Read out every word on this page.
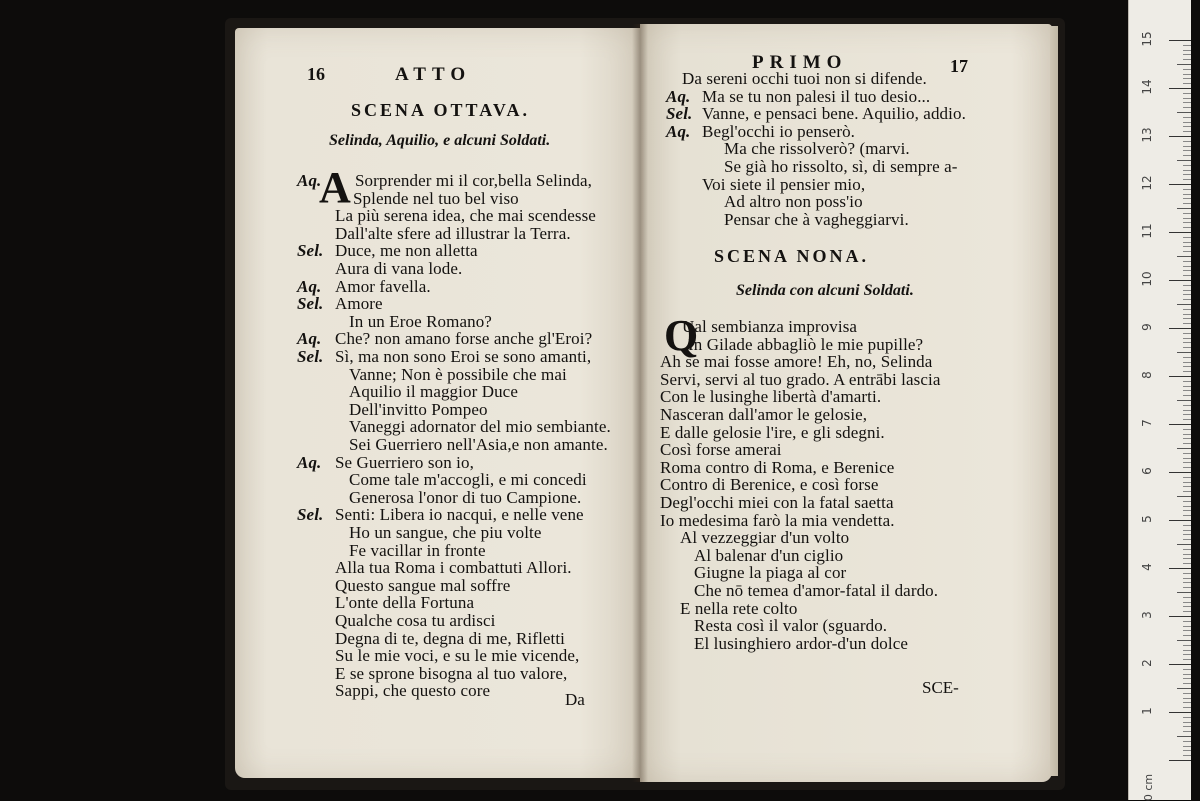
16	ATTO
SCENA OTTAVA.
Selinda, Aquilio, e alcuni Soldati.
A
Aq. Sorprender mi il cor,bella Selinda,
Splende nel tuo bel viso
La più serena idea, che mai scendesse
Dall'alte sfere ad illustrar la Terra.
Sel. Duce, me non alletta
Aura di vana lode.
Aq. Amor favella.
Sel. Amore
In un Eroe Romano?
Aq. Che? non amano forse anche gl'Eroi?
Sel. Sì, ma non sono Eroi se sono amanti,
Vanne; Non è possibile che mai
Aquilio il maggior Duce
Dell'invitto Pompeo
Vaneggi adornator del mio sembiante.
Sei Guerriero nell'Asia,e non amante.
Aq. Se Guerriero son io,
Come tale m'accogli, e mi concedi
Generosa l'onor di tuo Campione.
Sel. Senti: Libera io nacqui, e nelle vene
Ho un sangue, che piu volte
Fe vacillar in fronte
Alla tua Roma i combattuti Allori.
Questo sangue mal soffre
L'onte della Fortuna
Qualche cosa tu ardisci
Degna di te, degna di me, Rifletti
Su le mie voci, e su le mie vicende,
E se sprone bisogna al tuo valore,
Sappi, che questo core	Da
PRIMO	17
Da sereni occhi tuoi non si difende.
Aq. Ma se tu non palesi il tuo desio...
Sel. Vanne, e pensaci bene. Aquilio, addio.
Aq. Begl'occhi io penserò.
Ma che rissolverò? (marvi.
Se già ho rissolto, sì, di sempre a-
Voi siete il pensier mio,
Ad altro non poss'io
Pensar che à vagheggiarvi.
SCENA NONA.
Selinda con alcuni Soldati.
Q
Ual sembianza improvisa
In Gilade abbagliò le mie pupille?
Ah se mai fosse amore! Eh, no, Selinda
Servi, servi al tuo grado. A entrābi lascia
Con le lusinghe libertà d'amarti.
Nasceran dall'amor le gelosie,
E dalle gelosie l'ire, e gli sdegni.
Così forse amerai
Roma contro di Roma, e Berenice
Contro di Berenice, e così forse
Degl'occhi miei con la fatal saetta
Io medesima farò la mia vendetta.
Al vezzeggiar d'un volto
Al balenar d'un ciglio
Giugne la piaga al cor
Che nō temea d'amor-fatal il dardo.
E nella rete colto
Resta così il valor (sguardo.
El lusinghiero ardor-d'un dolce
SCE-
1
2
3
4
5
6
7
8
9
10
11
12
13
14
15
0 cm
